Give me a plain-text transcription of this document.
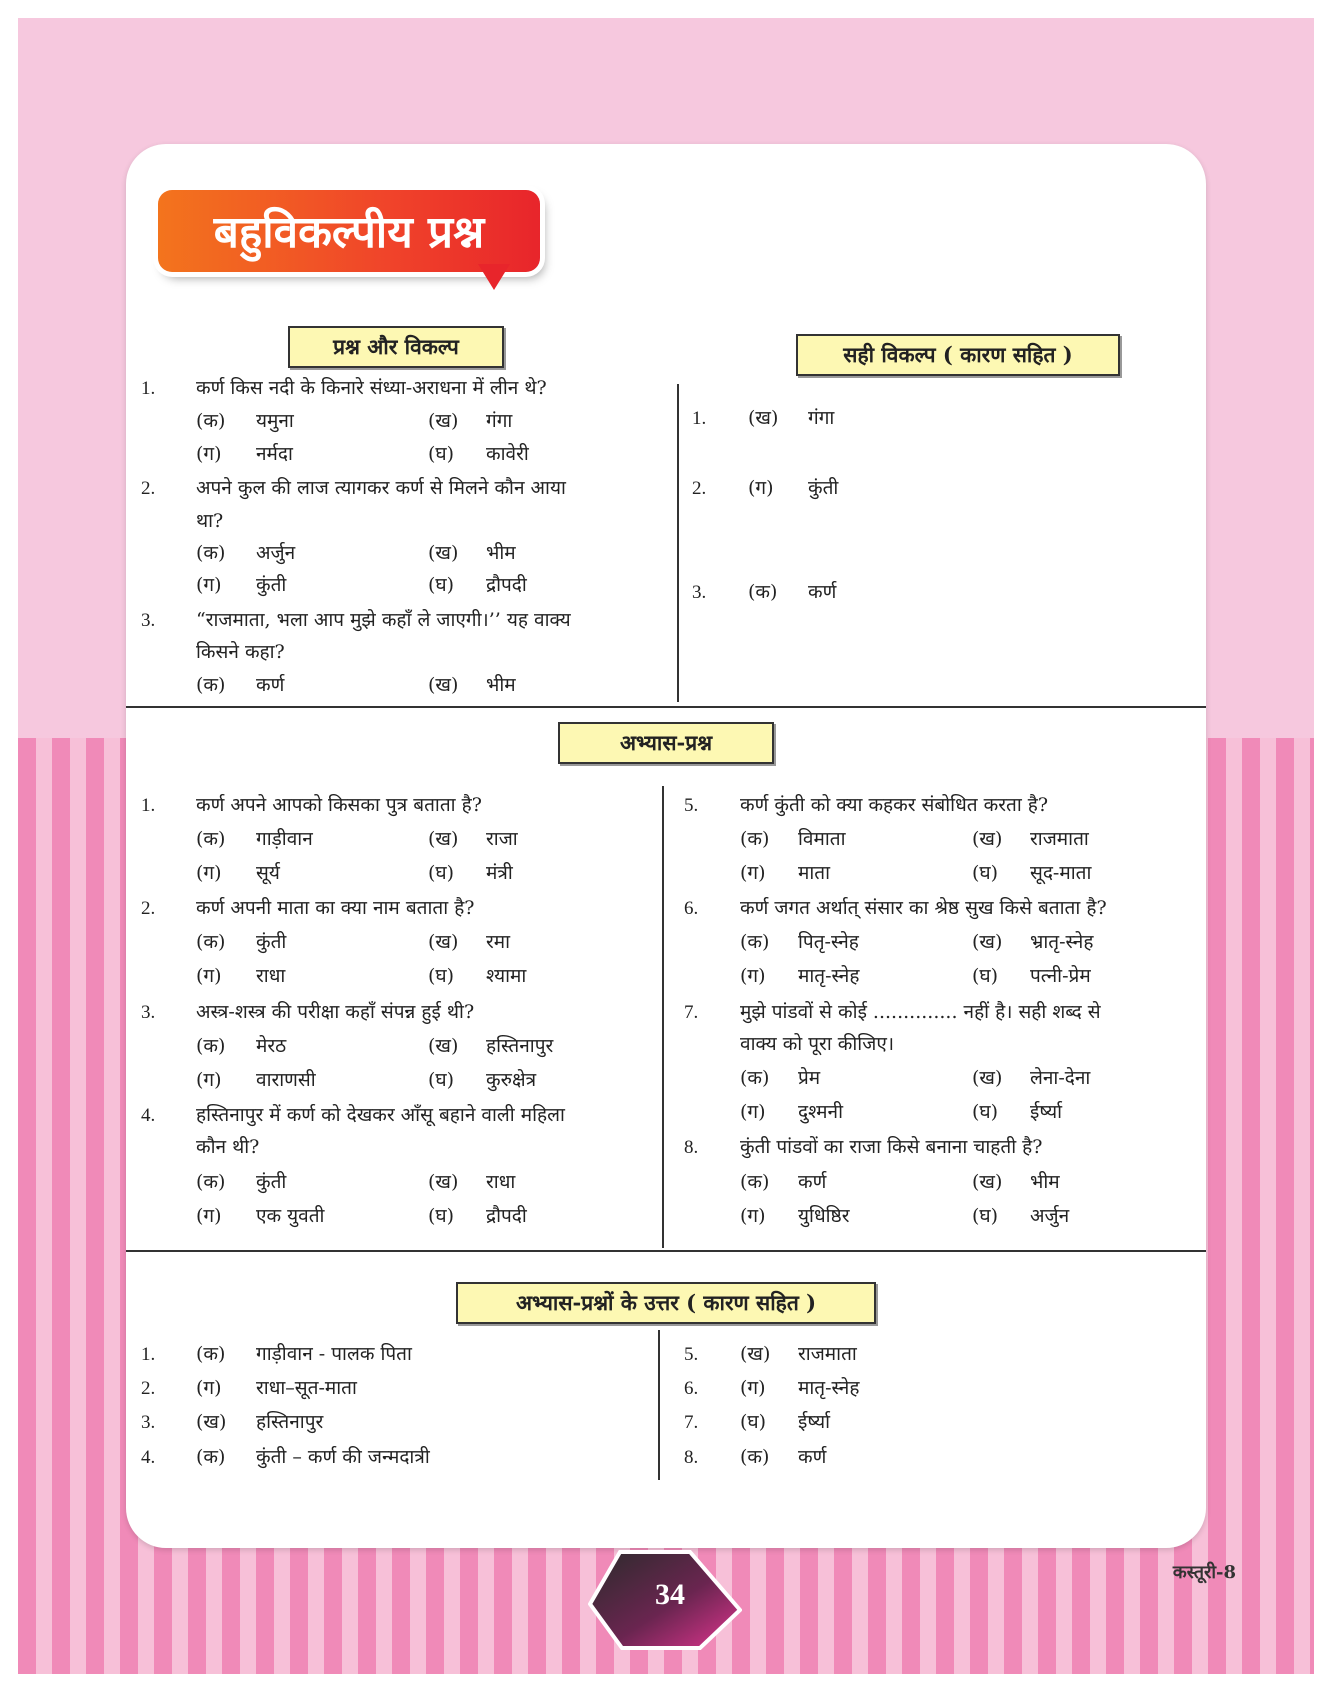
बहुविकल्पीय प्रश्न
प्रश्न और विकल्प	सही विकल्प ( कारण सहित )
1. कर्ण किस नदी के किनारे संध्या-अराधना में लीन थे?
(क) यमुना	(ख) गंगा
(ग) नर्मदा	(घ) कावेरी
2. अपने कुल की लाज त्यागकर कर्ण से मिलने कौन आया
था?
(क) अर्जुन	(ख) भीम
(ग) कुंती	(घ) द्रौपदी
3. “राजमाता, भला आप मुझे कहाँ ले जाएगी।’’ यह वाक्य
किसने कहा?
(क) कर्ण	(ख) भीम
1. (ख) गंगा
2. (ग) कुंती
3. (क) कर्ण
अभ्यास-प्रश्न
1. कर्ण अपने आपको किसका पुत्र बताता है?
(क) गाड़ीवान	(ख) राजा
(ग) सूर्य	(घ) मंत्री
2. कर्ण अपनी माता का क्या नाम बताता है?
(क) कुंती	(ख) रमा
(ग) राधा	(घ) श्यामा
3. अस्त्र-शस्त्र की परीक्षा कहाँ संपन्न हुई थी?
(क) मेरठ	(ख) हस्तिनापुर
(ग) वाराणसी	(घ) कुरुक्षेत्र
4. हस्तिनापुर में कर्ण को देखकर आँसू बहाने वाली महिला
कौन थी?
(क) कुंती	(ख) राधा
(ग) एक युवती	(घ) द्रौपदी
5. कर्ण कुंती को क्या कहकर संबोधित करता है?
(क) विमाता	(ख) राजमाता
(ग) माता	(घ) सूद-माता
6. कर्ण जगत अर्थात् संसार का श्रेष्ठ सुख किसे बताता है?
(क) पितृ-स्नेह	(ख) भ्रातृ-स्नेह
(ग) मातृ-स्नेह	(घ) पत्नी-प्रेम
7. मुझे पांडवों से कोई .............. नहीं है। सही शब्द से
वाक्य को पूरा कीजिए।
(क) प्रेम	(ख) लेना-देना
(ग) दुश्मनी	(घ) ईर्ष्या
8. कुंती पांडवों का राजा किसे बनाना चाहती है?
(क) कर्ण	(ख) भीम
(ग) युधिष्ठिर	(घ) अर्जुन
अभ्यास-प्रश्नों के उत्तर ( कारण सहित )
1. (क) गाड़ीवान - पालक पिता
2. (ग) राधा–सूत-माता
3. (ख) हस्तिनापुर
4. (क) कुंती – कर्ण की जन्मदात्री
5. (ख) राजमाता
6. (ग) मातृ-स्नेह
7. (घ) ईर्ष्या
8. (क) कर्ण
34
कस्तूरी-8
